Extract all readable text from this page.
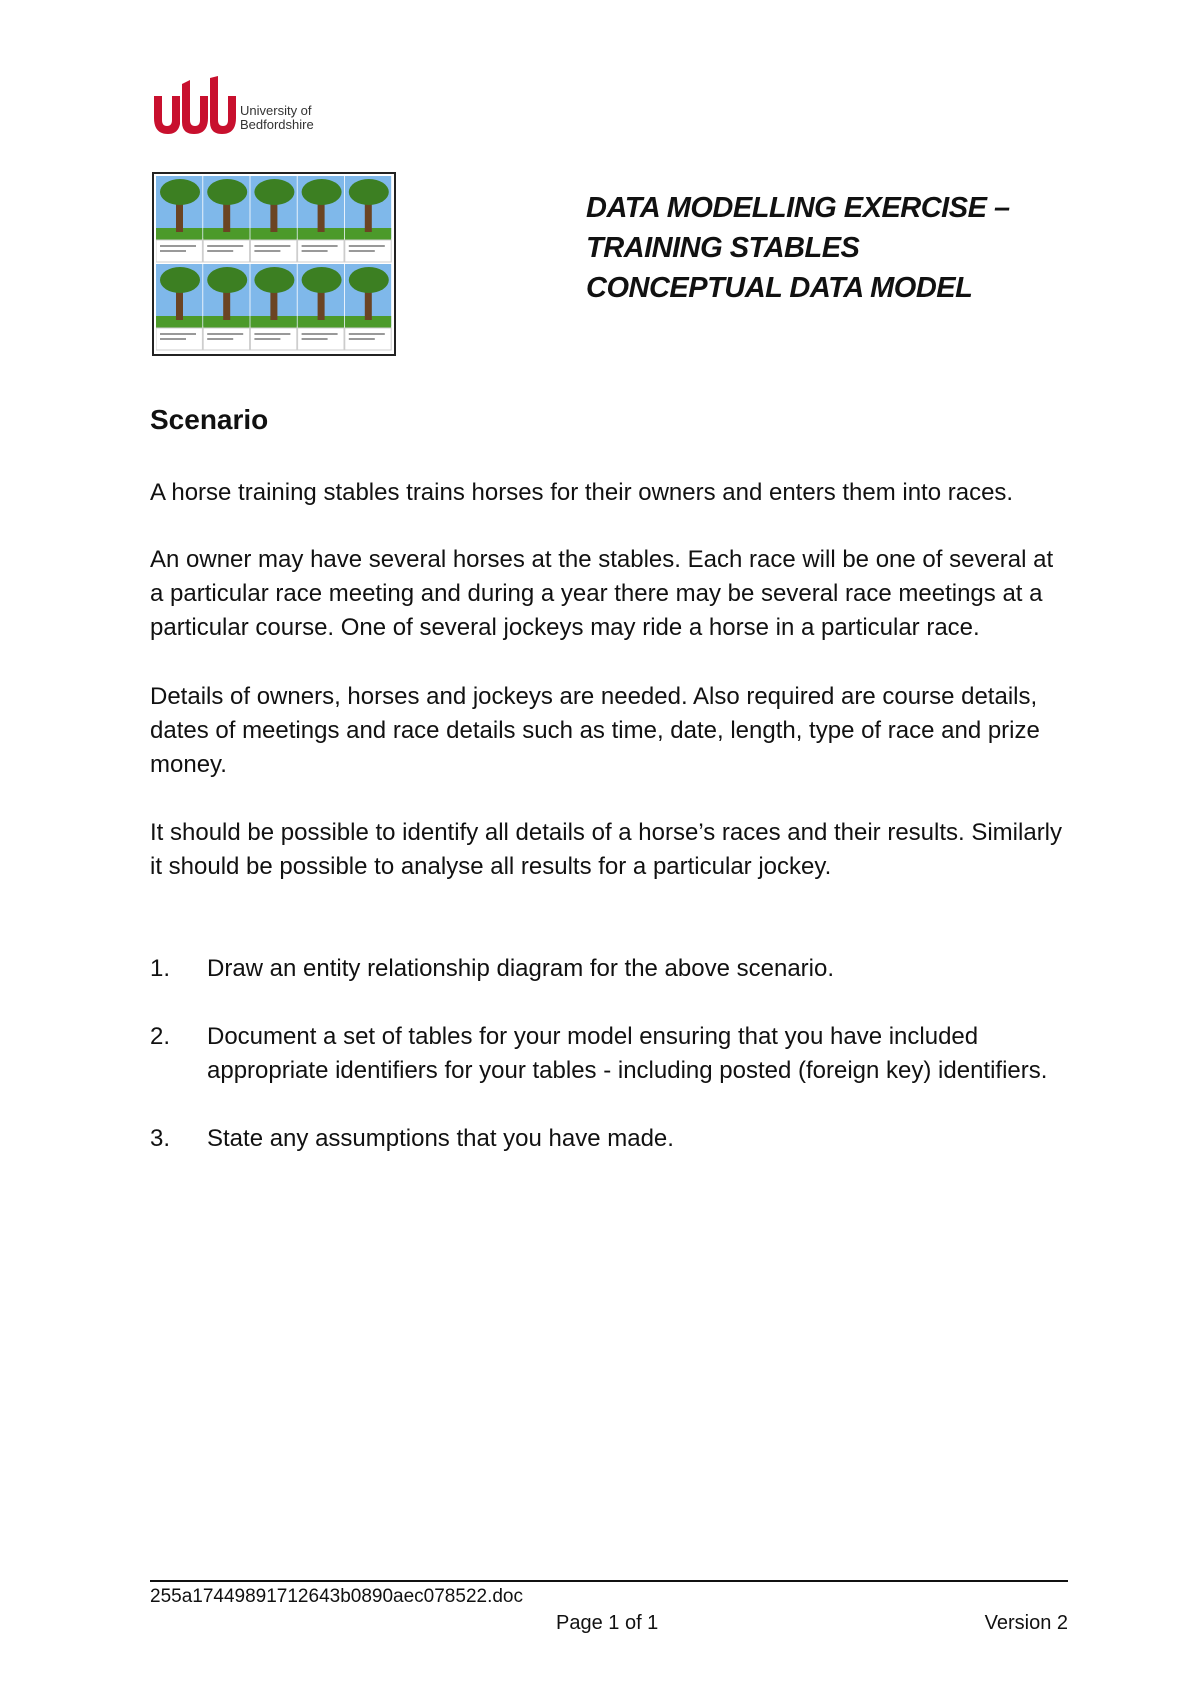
University of
Bedfordshire
DATA MODELLING EXERCISE –
TRAINING STABLES
CONCEPTUAL DATA MODEL
Scenario
A horse training stables trains horses for their owners and enters them into races.
An owner may have several horses at the stables. Each race will be one of several at a particular race meeting and during a year there may be several race meetings at a particular course. One of several jockeys may ride a horse in a particular race.
Details of owners, horses and jockeys are needed. Also required are course details, dates of meetings and race details such as time, date, length, type of race and prize money.
It should be possible to identify all details of a horse’s races and their results. Similarly it should be possible to analyse all results for a particular jockey.
1. Draw an entity relationship diagram for the above scenario.
2. Document a set of tables for your model ensuring that you have included appropriate identifiers for your tables - including posted (foreign key) identifiers.
3. State any assumptions that you have made.
255a17449891712643b0890aec078522.doc
Page 1 of 1	Version 2
